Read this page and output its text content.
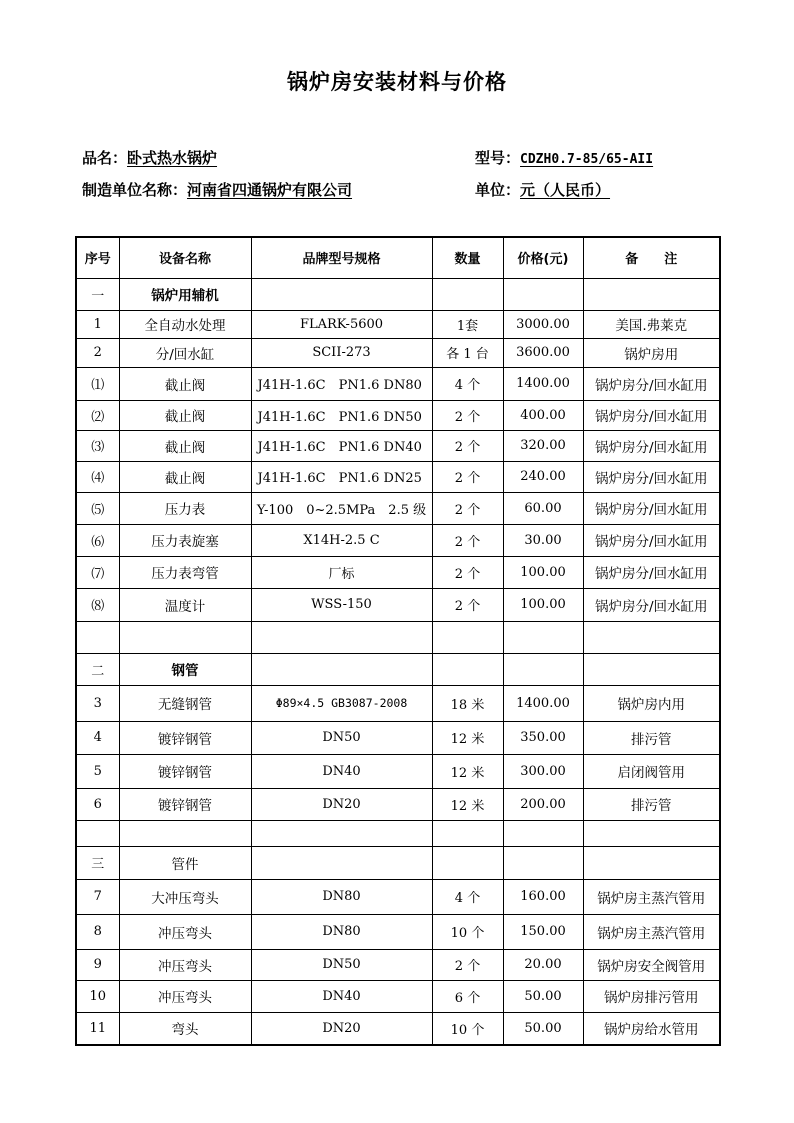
锅炉房安装材料与价格
品名：卧式热水锅炉	型号：CDZH0.7-85/65-AII
制造单位名称：河南省四通锅炉有限公司	单位：元（人民币）
序号	设备名称	品牌型号规格	数量	价格(元)	备　　注
一	锅炉用辅机				
1	全自动水处理	FLARK-5600	1套	3000.00	美国.弗莱克
2	分/回水缸	SCII-273	各 1 台	3600.00	锅炉房用
⑴	截止阀	J41H-1.6C　PN1.6 DN80	4 个	1400.00	锅炉房分/回水缸用
⑵	截止阀	J41H-1.6C　PN1.6 DN50	2 个	400.00	锅炉房分/回水缸用
⑶	截止阀	J41H-1.6C　PN1.6 DN40	2 个	320.00	锅炉房分/回水缸用
⑷	截止阀	J41H-1.6C　PN1.6 DN25	2 个	240.00	锅炉房分/回水缸用
⑸	压力表	Y-100　0~2.5MPa　2.5 级	2 个	60.00	锅炉房分/回水缸用
⑹	压力表旋塞	X14H-2.5 C	2 个	30.00	锅炉房分/回水缸用
⑺	压力表弯管	厂标	2 个	100.00	锅炉房分/回水缸用
⑻	温度计	WSS-150	2 个	100.00	锅炉房分/回水缸用

二	钢管				
3	无缝钢管	Φ89×4.5 GB3087-2008	18 米	1400.00	锅炉房内用
4	镀锌钢管	DN50	12 米	350.00	排污管
5	镀锌钢管	DN40	12 米	300.00	启闭阀管用
6	镀锌钢管	DN20	12 米	200.00	排污管

三	管件				
7	大冲压弯头	DN80	4 个	160.00	锅炉房主蒸汽管用
8	冲压弯头	DN80	10 个	150.00	锅炉房主蒸汽管用
9	冲压弯头	DN50	2 个	20.00	锅炉房安全阀管用
10	冲压弯头	DN40	6 个	50.00	锅炉房排污管用
11	弯头	DN20	10 个	50.00	锅炉房给水管用
